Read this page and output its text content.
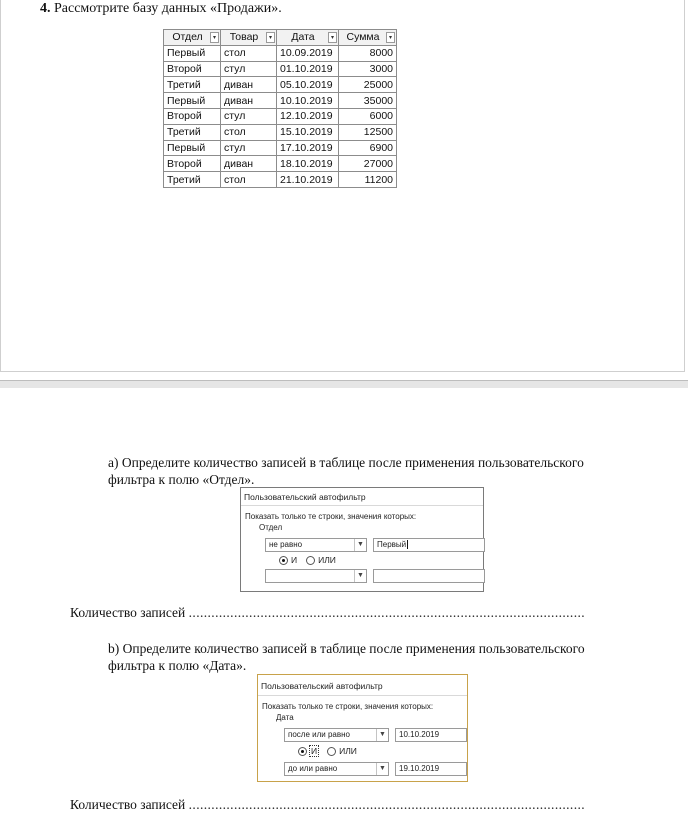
4. Рассмотрите базу данных «Продажи».
Отдел ▾	Товар ▾	Дата ▾	Сумма ▾

Первый	стол	10.09.2019	8000
Второй	стул	01.10.2019	3000
Третий	диван	05.10.2019	25000
Первый	диван	10.10.2019	35000
Второй	стул	12.10.2019	6000
Третий	стол	15.10.2019	12500
Первый	стул	17.10.2019	6900
Второй	диван	18.10.2019	27000
Третий	стол	21.10.2019	11200
a) Определите количество записей в таблице после применения пользовательского
фильтра к полю «Отдел».
Пользовательский автофильтр
Показать только те строки, значения которых:
Отдел
не равно	▼	Первый
И ИЛИ
▼
Количество записей .........................................................................................................
b) Определите количество записей в таблице после применения пользовательского
фильтра к полю «Дата».
Пользовательский автофильтр
Показать только те строки, значения которых:
Дата
после или равно	▼	10.10.2019
И	ИЛИ
до или равно	▼	19.10.2019
Количество записей .........................................................................................................
